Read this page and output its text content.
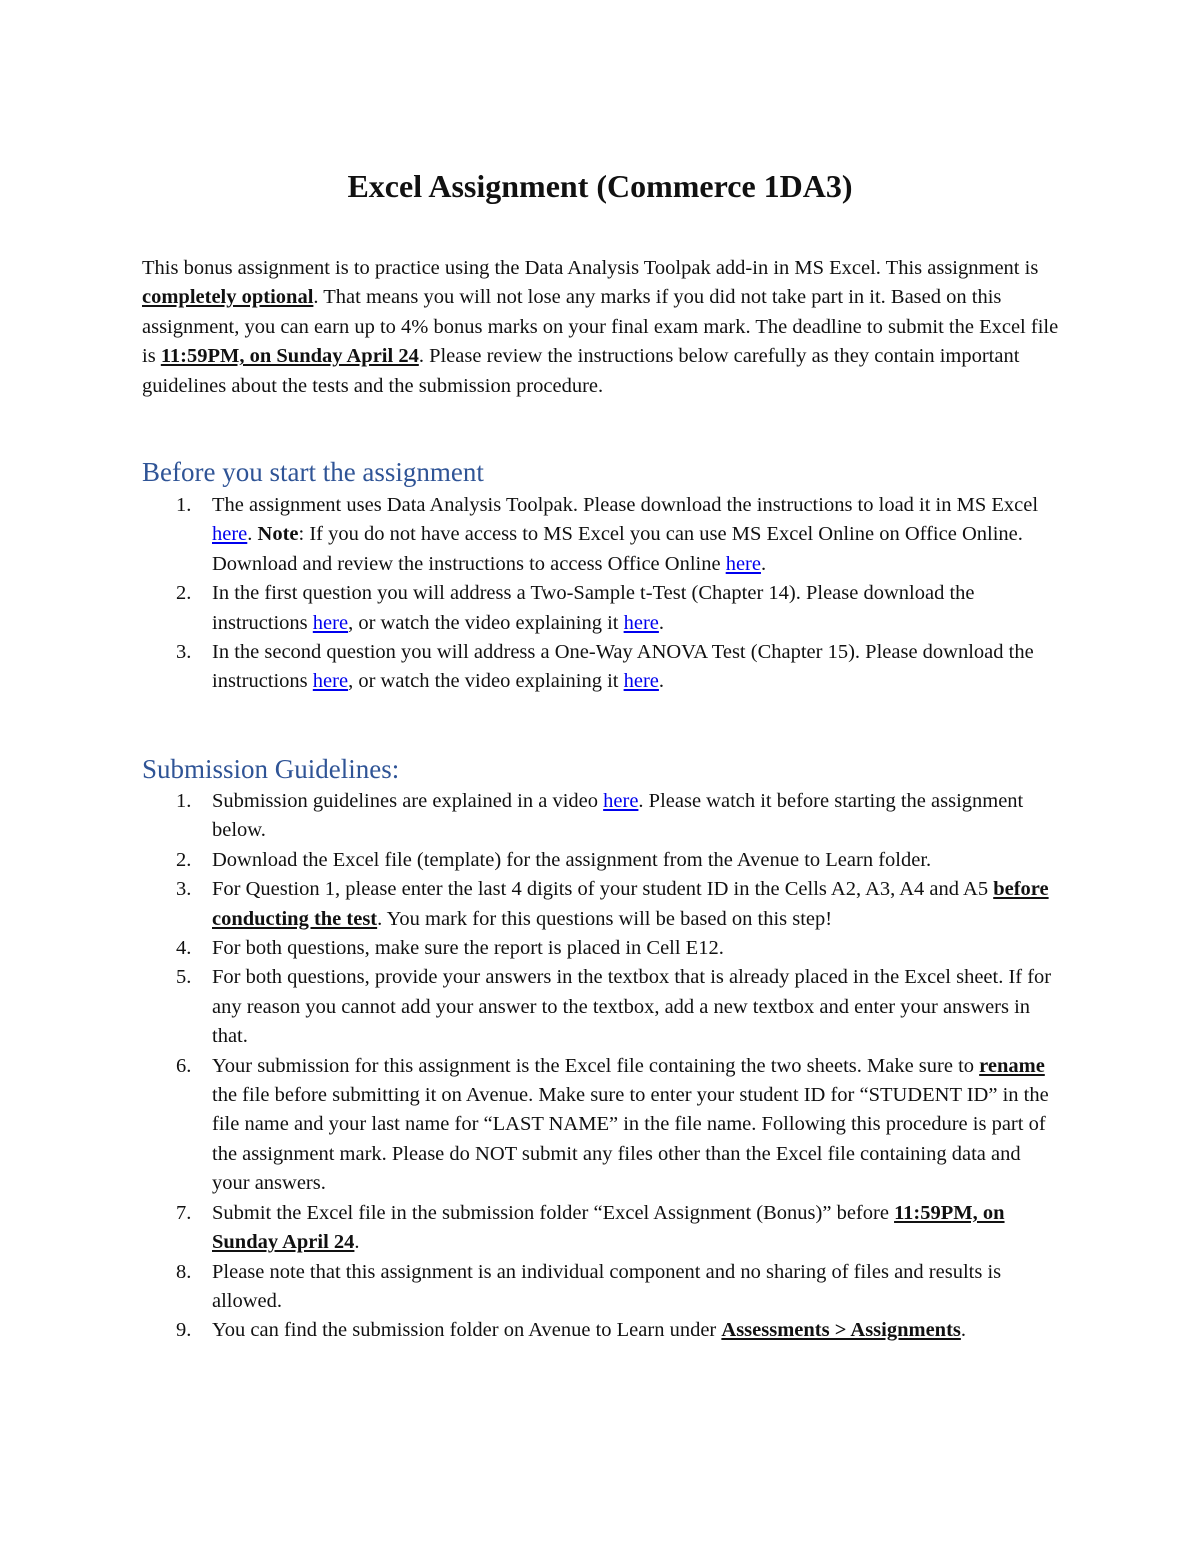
Excel Assignment (Commerce 1DA3)

This bonus assignment is to practice using the Data Analysis Toolpak add-in in MS Excel. This assignment is completely optional. That means you will not lose any marks if you did not take part in it. Based on this assignment, you can earn up to 4% bonus marks on your final exam mark. The deadline to submit the Excel file is 11:59PM, on Sunday April 24. Please review the instructions below carefully as they contain important guidelines about the tests and the submission procedure.

Before you start the assignment
1. The assignment uses Data Analysis Toolpak. Please download the instructions to load it in MS Excel here. Note: If you do not have access to MS Excel you can use MS Excel Online on Office Online. Download and review the instructions to access Office Online here.
2. In the first question you will address a Two-Sample t-Test (Chapter 14). Please download the instructions here, or watch the video explaining it here.
3. In the second question you will address a One-Way ANOVA Test (Chapter 15). Please download the instructions here, or watch the video explaining it here.
Submission Guidelines:
1. Submission guidelines are explained in a video here. Please watch it before starting the assignment below.
2. Download the Excel file (template) for the assignment from the Avenue to Learn folder.
3. For Question 1, please enter the last 4 digits of your student ID in the Cells A2, A3, A4 and A5 before conducting the test. You mark for this questions will be based on this step!
4. For both questions, make sure the report is placed in Cell E12.
5. For both questions, provide your answers in the textbox that is already placed in the Excel sheet. If for any reason you cannot add your answer to the textbox, add a new textbox and enter your answers in that.
6. Your submission for this assignment is the Excel file containing the two sheets. Make sure to rename the file before submitting it on Avenue. Make sure to enter your student ID for “STUDENT ID” in the file name and your last name for “LAST NAME” in the file name. Following this procedure is part of the assignment mark. Please do NOT submit any files other than the Excel file containing data and your answers.
7. Submit the Excel file in the submission folder “Excel Assignment (Bonus)” before 11:59PM, on Sunday April 24.
8. Please note that this assignment is an individual component and no sharing of files and results is allowed.
9. You can find the submission folder on Avenue to Learn under Assessments > Assignments.
